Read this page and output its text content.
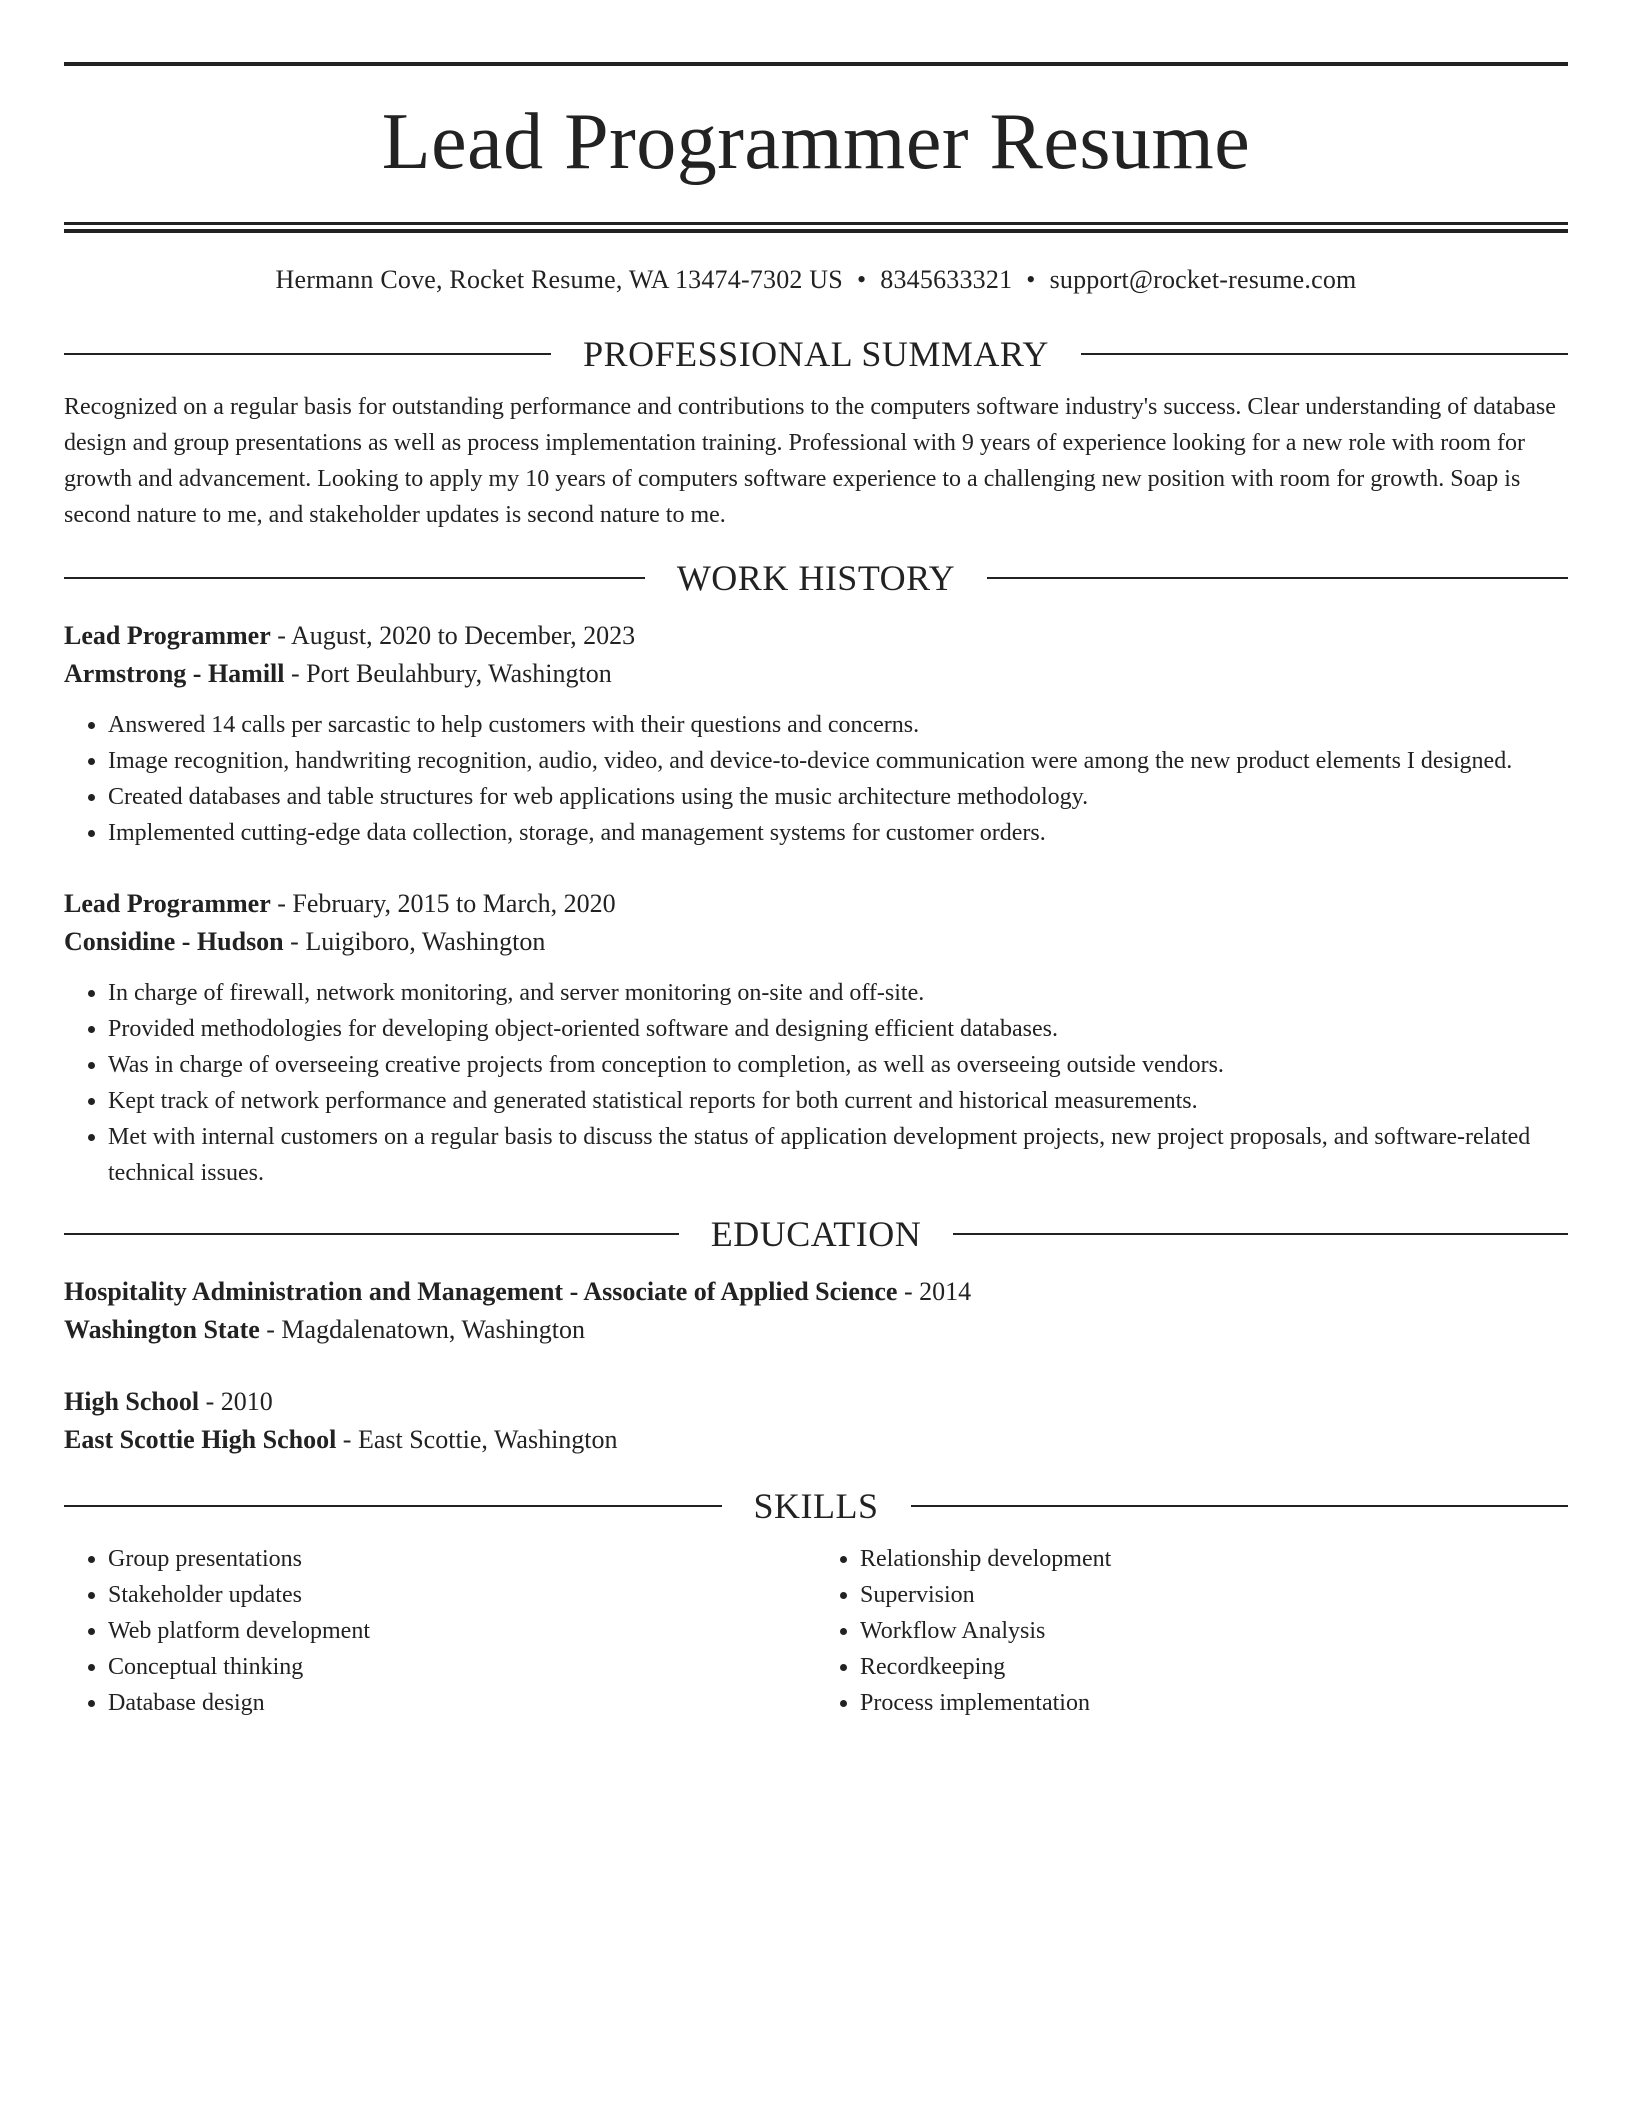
Lead Programmer Resume
Hermann Cove, Rocket Resume, WA 13474-7302 US • 8345633321 • support@rocket-resume.com
PROFESSIONAL SUMMARY

Recognized on a regular basis for outstanding performance and contributions to the computers software industry's success. Clear understanding of database design and group presentations as well as process implementation training. Professional with 9 years of experience looking for a new role with room for growth and advancement. Looking to apply my 10 years of computers software experience to a challenging new position with room for growth. Soap is second nature to me, and stakeholder updates is second nature to me.

WORK HISTORY
Lead Programmer - August, 2020 to December, 2023
Armstrong - Hamill - Port Beulahbury, Washington
• Answered 14 calls per sarcastic to help customers with their questions and concerns.
• Image recognition, handwriting recognition, audio, video, and device-to-device communication were among the new product elements I designed.
• Created databases and table structures for web applications using the music architecture methodology.
• Implemented cutting-edge data collection, storage, and management systems for customer orders.
Lead Programmer - February, 2015 to March, 2020
Considine - Hudson - Luigiboro, Washington
• In charge of firewall, network monitoring, and server monitoring on-site and off-site.
• Provided methodologies for developing object-oriented software and designing efficient databases.
• Was in charge of overseeing creative projects from conception to completion, as well as overseeing outside vendors.
• Kept track of network performance and generated statistical reports for both current and historical measurements.
• Met with internal customers on a regular basis to discuss the status of application development projects, new project proposals, and software-related technical issues.
EDUCATION
Hospitality Administration and Management - Associate of Applied Science - 2014
Washington State - Magdalenatown, Washington
High School - 2010
East Scottie High School - East Scottie, Washington
SKILLS
• Group presentations
• Stakeholder updates
• Web platform development
• Conceptual thinking
• Database design
• Relationship development
• Supervision
• Workflow Analysis
• Recordkeeping
• Process implementation
